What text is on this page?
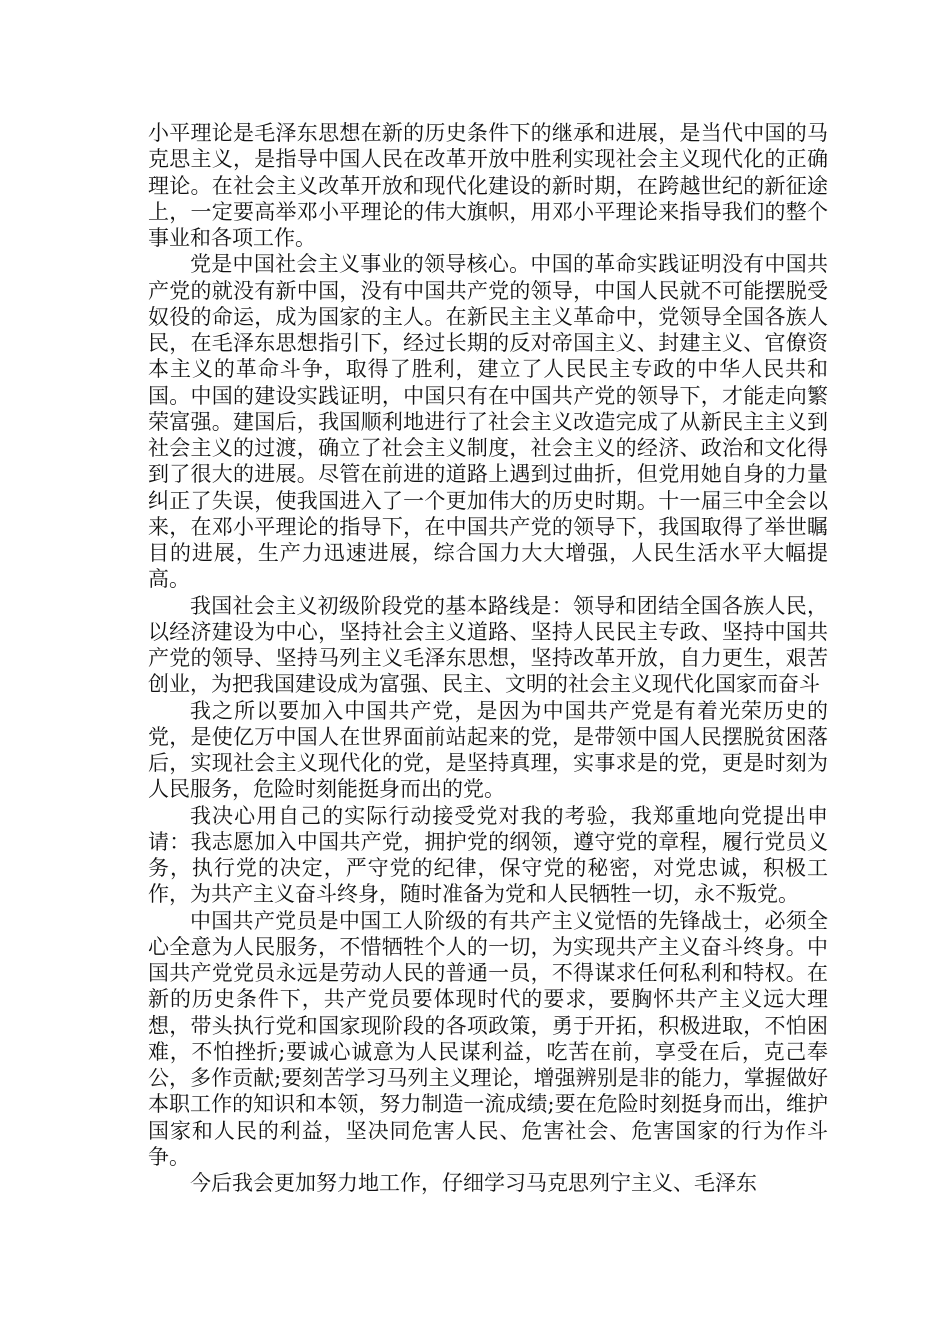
小平理论是毛泽东思想在新的历史条件下的继承和进展，是当代中国的马克思主义，是指导中国人民在改革开放中胜利实现社会主义现代化的正确理论。在社会主义改革开放和现代化建设的新时期，在跨越世纪的新征途上，一定要高举邓小平理论的伟大旗帜，用邓小平理论来指导我们的整个事业和各项工作。

党是中国社会主义事业的领导核心。中国的革命实践证明没有中国共产党的就没有新中国，没有中国共产党的领导，中国人民就不可能摆脱受奴役的命运，成为国家的主人。在新民主主义革命中，党领导全国各族人民，在毛泽东思想指引下，经过长期的反对帝国主义、封建主义、官僚资本主义的革命斗争，取得了胜利，建立了人民民主专政的中华人民共和国。中国的建设实践证明，中国只有在中国共产党的领导下，才能走向繁荣富强。建国后，我国顺利地进行了社会主义改造完成了从新民主主义到社会主义的过渡，确立了社会主义制度，社会主义的经济、政治和文化得到了很大的进展。尽管在前进的道路上遇到过曲折，但党用她自身的力量纠正了失误，使我国进入了一个更加伟大的历史时期。十一届三中全会以来，在邓小平理论的指导下，在中国共产党的领导下，我国取得了举世瞩目的进展，生产力迅速进展，综合国力大大增强，人民生活水平大幅提高。

我国社会主义初级阶段党的基本路线是：领导和团结全国各族人民，以经济建设为中心，坚持社会主义道路、坚持人民民主专政、坚持中国共产党的领导、坚持马列主义毛泽东思想，坚持改革开放，自力更生，艰苦创业，为把我国建设成为富强、民主、文明的社会主义现代化国家而奋斗

我之所以要加入中国共产党，是因为中国共产党是有着光荣历史的党，是使亿万中国人在世界面前站起来的党，是带领中国人民摆脱贫困落后，实现社会主义现代化的党，是坚持真理，实事求是的党，更是时刻为人民服务，危险时刻能挺身而出的党。

我决心用自己的实际行动接受党对我的考验，我郑重地向党提出申请：我志愿加入中国共产党，拥护党的纲领，遵守党的章程，履行党员义务，执行党的决定，严守党的纪律，保守党的秘密，对党忠诚，积极工作，为共产主义奋斗终身，随时准备为党和人民牺牲一切，永不叛党。

中国共产党员是中国工人阶级的有共产主义觉悟的先锋战士，必须全心全意为人民服务，不惜牺牲个人的一切，为实现共产主义奋斗终身。中国共产党党员永远是劳动人民的普通一员，不得谋求任何私利和特权。在新的历史条件下，共产党员要体现时代的要求，要胸怀共产主义远大理想，带头执行党和国家现阶段的各项政策，勇于开拓，积极进取，不怕困难，不怕挫折;要诚心诚意为人民谋利益，吃苦在前，享受在后，克己奉公，多作贡献;要刻苦学习马列主义理论，增强辨别是非的能力，掌握做好本职工作的知识和本领，努力制造一流成绩;要在危险时刻挺身而出，维护国家和人民的利益，坚决同危害人民、危害社会、危害国家的行为作斗争。

今后我会更加努力地工作，仔细学习马克思列宁主义、毛泽东
